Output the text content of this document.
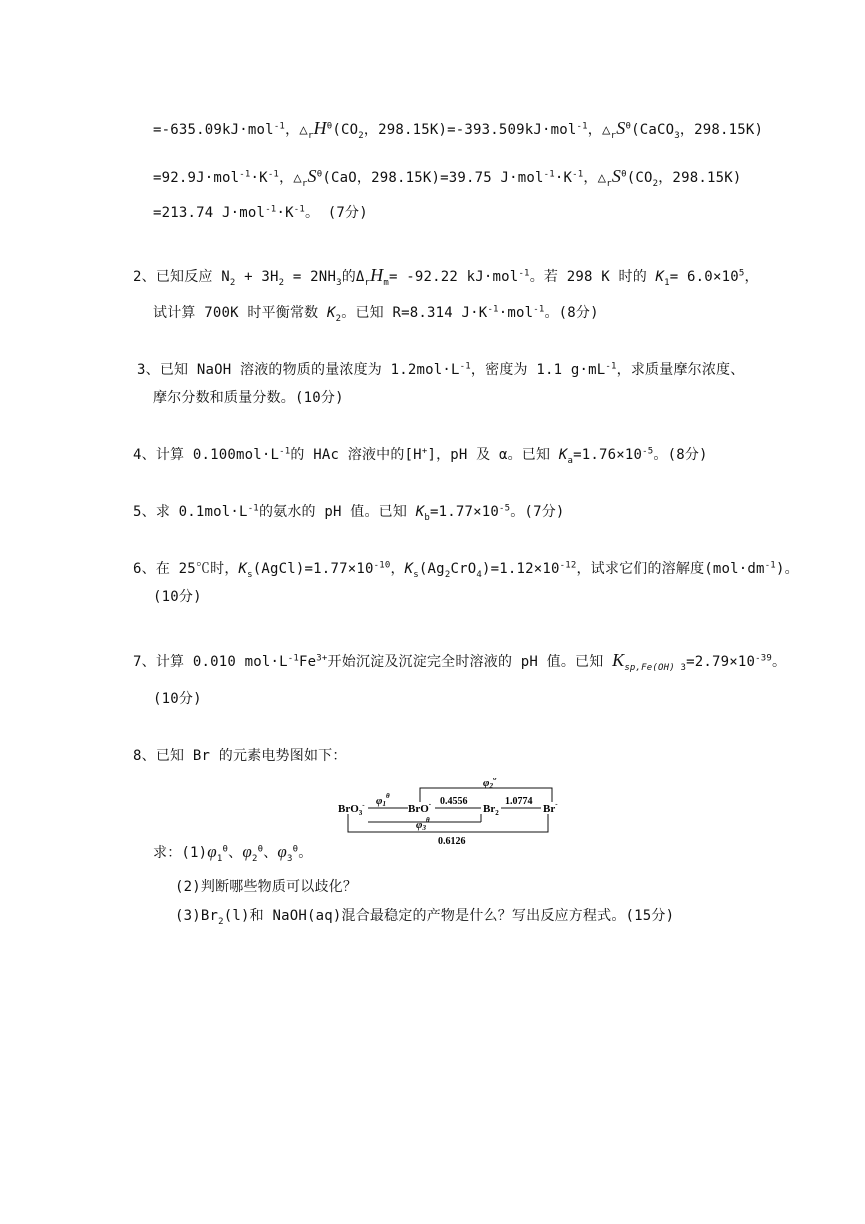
=-635.09kJ·mol$^{-1}$，$\triangle_rH^\theta(CO_2$，298.15K)=-393.509kJ·mol$^{-1}$，$\triangle_rS^\theta(CaCO_3$，298.15K)
$=92.9J\cdot mol^{-1}\cdot K^{-1}$，$\triangle_rS^\theta(CaO$，298.15K)=39.75 $J\cdot mol^{-1}\cdot K^{-1}$，$\triangle_rS^\theta(CO_2$，298.15K)
=213.74 $J\cdot mol^{-1}\cdot K^{-1}$。 (7分)
2、已知反应 $N_2 + 3H_2 = 2NH_3$的$\Delta_rH_m= -92.22$ kJ·mol$^{-1}$。若 298 K 时的 $K_1= 6.0\times 10^5$，
试计算 700K 时平衡常数 $K_2$。已知 R=8.314 $J\cdot K^{-1}\cdot mol^{-1}$。(8分)
3、已知 NaOH 溶液的物质的量浓度为 $1.2mol\cdot L^{-1}$，密度为 1.1 $g\cdot mL^{-1}$，求质量摩尔浓度、
摩尔分数和质量分数。(10分)
4、计算 $0.100mol\cdot L^{-1}$的 HAc 溶液中的[H+]，pH 及 α。已知 $K_a=1.76\times 10^{-5}$。(8分)
5、求 $0.1mol\cdot L^{-1}$的氨水的 pH 值。已知 $K_b=1.77\times 10^{-5}$。(7分)
6、在 25℃时，$K_s(AgCl)=1.77\times 10^{-10}$，$K_s(Ag_2CrO_4)=1.12\times 10^{-12}$，试求它们的溶解度$(mol\cdot dm^{-1})$。
(10分)
7、计算 0.010 $mol\cdot L^{-1}Fe^{3+}$开始沉淀及沉淀完全时溶液的 pH 值。已知 $K_{sp,Fe(OH) 3}=2.79\times 10^{-39}$。
(10分)
8、已知 Br 的元素电势图如下：
BrO$_3$-	BrO-	$Br_2$	Br-
$\varphi 1^\theta$
$\varphi 2^\theta$
$\varphi 3^\theta$
0.4556	1.0774
0.6126
求：$(1)\varphi_1^\theta$、$\varphi_2^\theta$、$\varphi_3^\theta$。
(2)判断哪些物质可以歧化？
$(3)Br_2(l)$和 NaOH(aq)混合最稳定的产物是什么？写出反应方程式。(15分)
